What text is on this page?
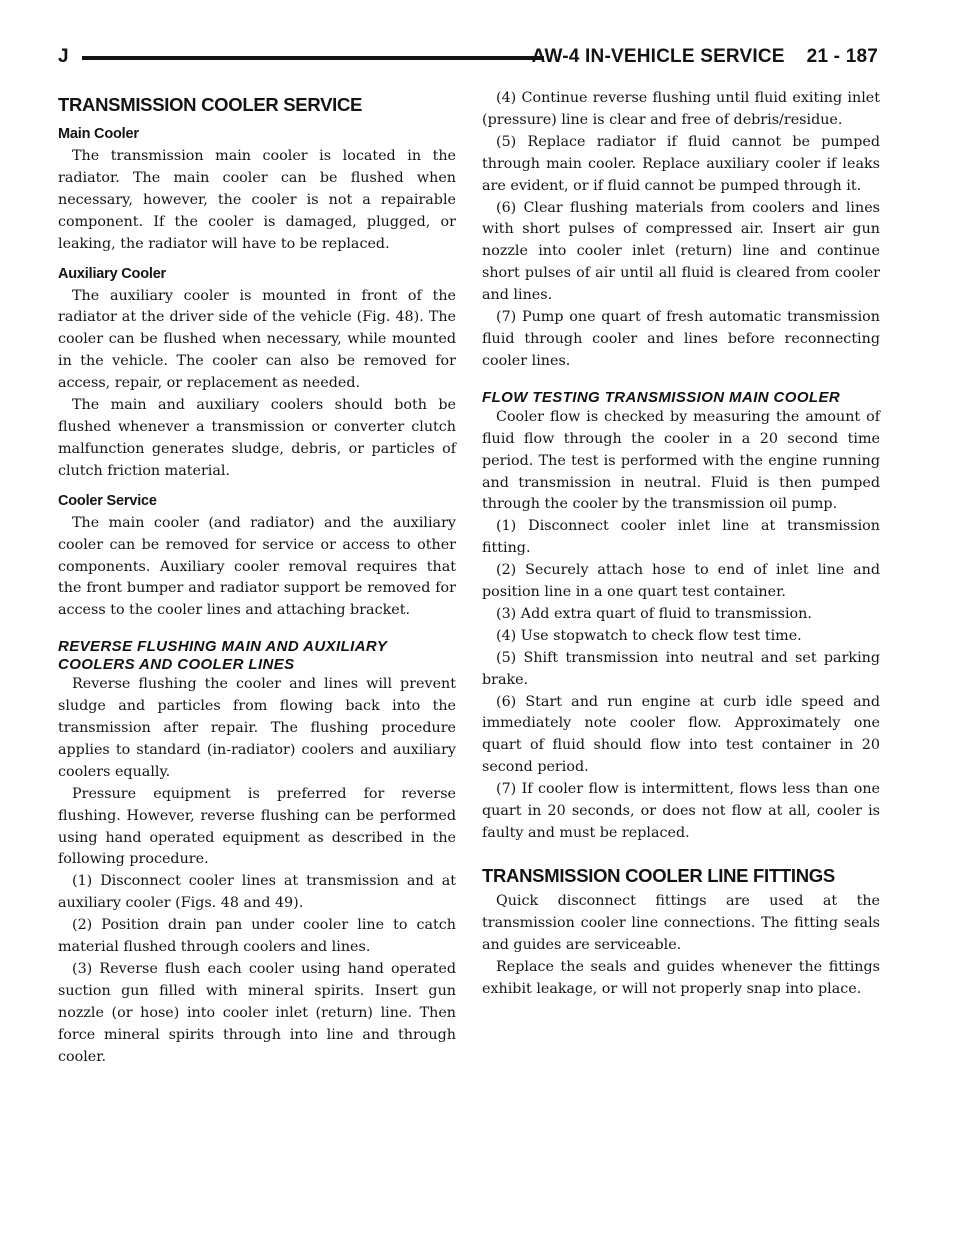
J	AW-4 IN-VEHICLE SERVICE 21 - 187
TRANSMISSION COOLER SERVICE
Main Cooler

The transmission main cooler is located in the radiator. The main cooler can be flushed when necessary, however, the cooler is not a repairable component. If the cooler is damaged, plugged, or leaking, the radiator will have to be replaced.

Auxiliary Cooler

The auxiliary cooler is mounted in front of the radiator at the driver side of the vehicle (Fig. 48). The cooler can be flushed when necessary, while mounted in the vehicle. The cooler can also be removed for access, repair, or replacement as needed.

The main and auxiliary coolers should both be flushed whenever a transmission or converter clutch malfunction generates sludge, debris, or particles of clutch friction material.

Cooler Service

The main cooler (and radiator) and the auxiliary cooler can be removed for service or access to other components. Auxiliary cooler removal requires that the front bumper and radiator support be removed for access to the cooler lines and attaching bracket.

REVERSE FLUSHING MAIN AND AUXILIARY COOLERS AND COOLER LINES

Reverse flushing the cooler and lines will prevent sludge and particles from flowing back into the transmission after repair. The flushing procedure applies to standard (in-radiator) coolers and auxiliary coolers equally.

Pressure equipment is preferred for reverse flushing. However, reverse flushing can be performed using hand operated equipment as described in the following procedure.

(1) Disconnect cooler lines at transmission and at auxiliary cooler (Figs. 48 and 49).

(2) Position drain pan under cooler line to catch material flushed through coolers and lines.

(3) Reverse flush each cooler using hand operated suction gun filled with mineral spirits. Insert gun nozzle (or hose) into cooler inlet (return) line. Then force mineral spirits through into line and through cooler.

(4) Continue reverse flushing until fluid exiting inlet (pressure) line is clear and free of debris/residue.

(5) Replace radiator if fluid cannot be pumped through main cooler. Replace auxiliary cooler if leaks are evident, or if fluid cannot be pumped through it.

(6) Clear flushing materials from coolers and lines with short pulses of compressed air. Insert air gun nozzle into cooler inlet (return) line and continue short pulses of air until all fluid is cleared from cooler and lines.

(7) Pump one quart of fresh automatic transmission fluid through cooler and lines before reconnecting cooler lines.

FLOW TESTING TRANSMISSION MAIN COOLER

Cooler flow is checked by measuring the amount of fluid flow through the cooler in a 20 second time period. The test is performed with the engine running and transmission in neutral. Fluid is then pumped through the cooler by the transmission oil pump.

(1) Disconnect cooler inlet line at transmission fitting.

(2) Securely attach hose to end of inlet line and position line in a one quart test container.

(3) Add extra quart of fluid to transmission.

(4) Use stopwatch to check flow test time.

(5) Shift transmission into neutral and set parking brake.

(6) Start and run engine at curb idle speed and immediately note cooler flow. Approximately one quart of fluid should flow into test container in 20 second period.

(7) If cooler flow is intermittent, flows less than one quart in 20 seconds, or does not flow at all, cooler is faulty and must be replaced.

TRANSMISSION COOLER LINE FITTINGS

Quick disconnect fittings are used at the transmission cooler line connections. The fitting seals and guides are serviceable.

Replace the seals and guides whenever the fittings exhibit leakage, or will not properly snap into place.
